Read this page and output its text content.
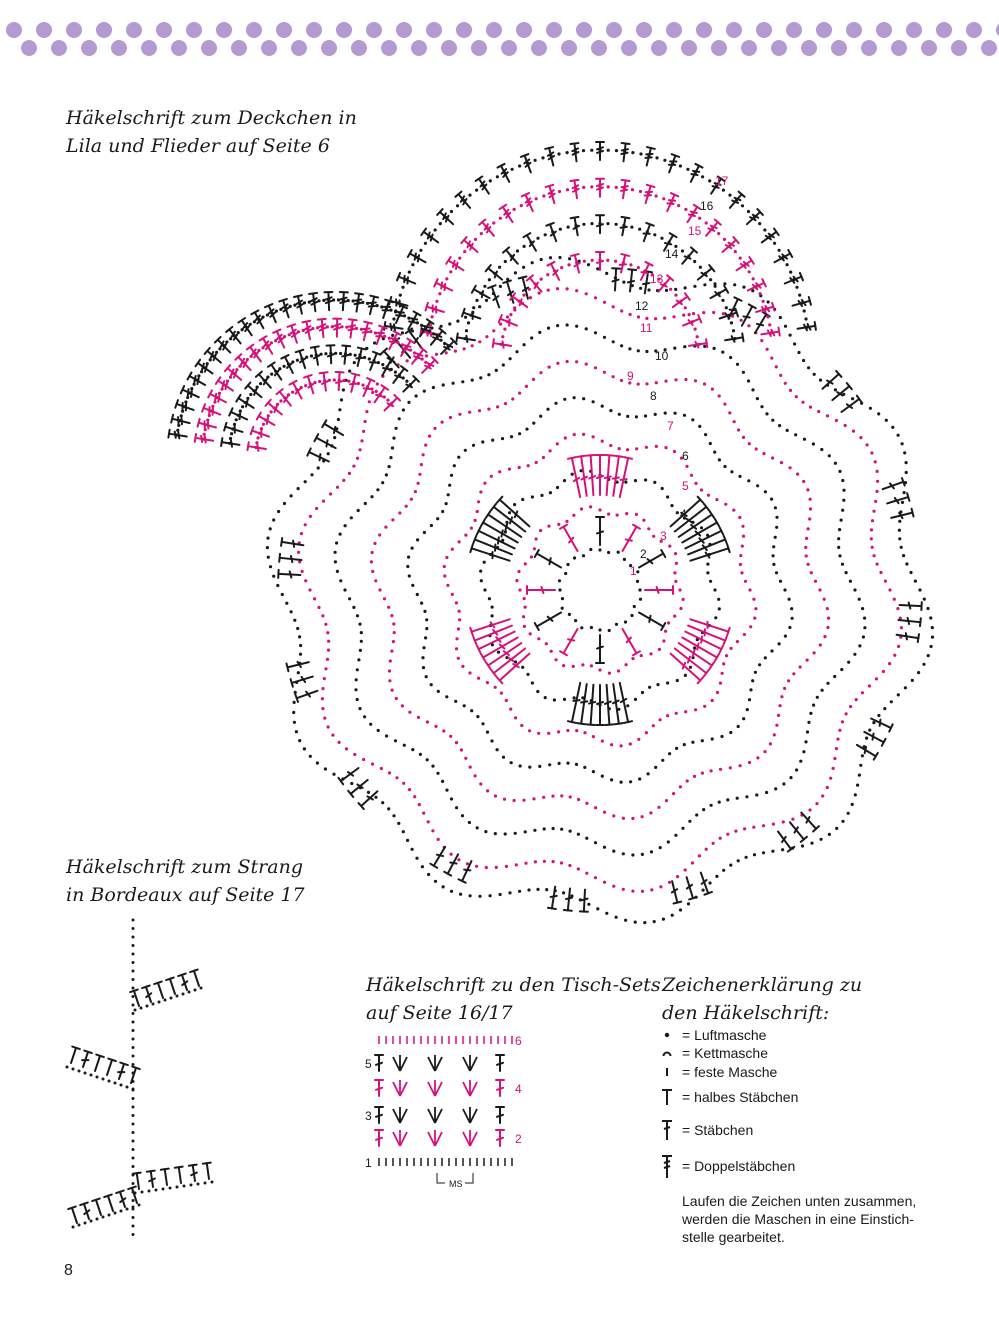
Häkelschrift zum Deckchen in
Lila und Flieder auf Seite 6
1
2
3
4
5
6
7
8
9
10
11
12
13
14
15
16
17
Häkelschrift zum Strang
in Bordeaux auf Seite 17
Häkelschrift zu den Tisch-Sets
auf Seite 16/17
1
2
3
4
5
6
MS
Zeichenerklärung zu
den Häkelschrift:
= Luftmasche
= Kettmasche
= feste Masche
= halbes Stäbchen
= Stäbchen
= Doppelstäbchen
Laufen die Zeichen unten zusammen,
werden die Maschen in eine Einstich-
stelle gearbeitet.
8
